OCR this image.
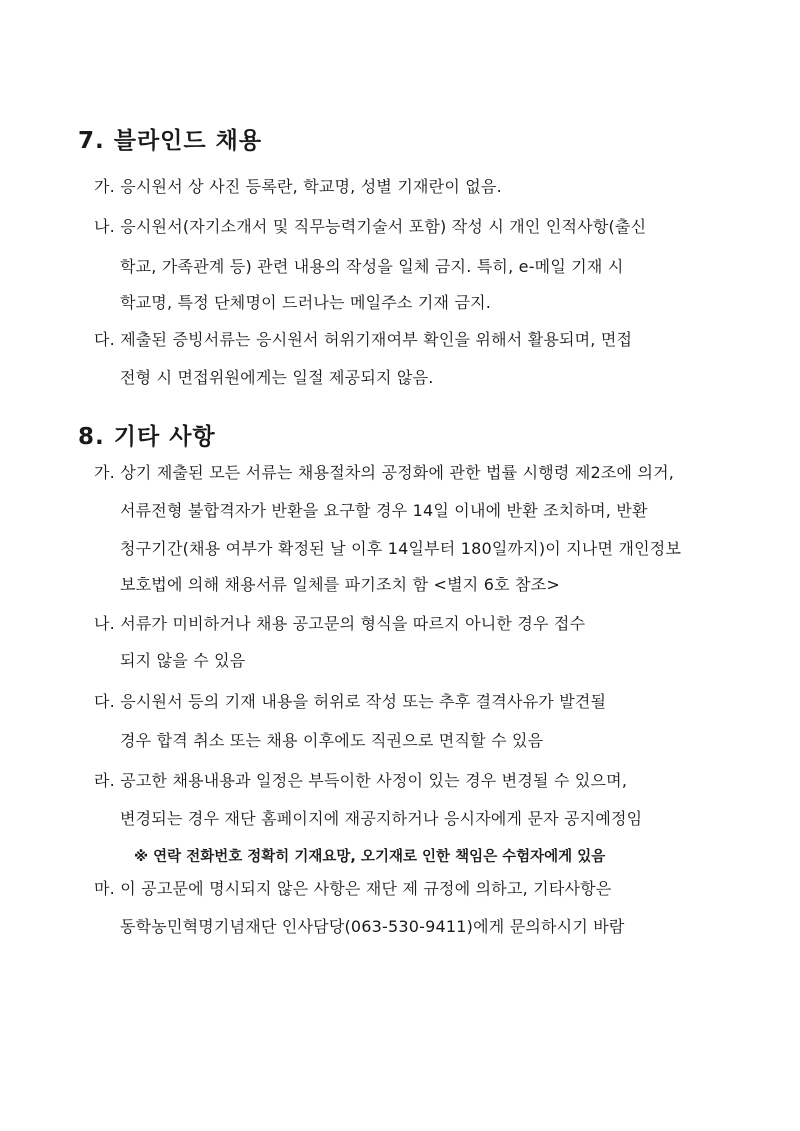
7. 블라인드 채용
가. 응시원서 상 사진 등록란, 학교명, 성별 기재란이 없음.
나. 응시원서(자기소개서 및 직무능력기술서 포함) 작성 시 개인 인적사항(출신
학교, 가족관계 등) 관련 내용의 작성을 일체 금지. 특히, e-메일 기재 시
학교명, 특정 단체명이 드러나는 메일주소 기재 금지.
다. 제출된 증빙서류는 응시원서 허위기재여부 확인을 위해서 활용되며, 면접
전형 시 면접위원에게는 일절 제공되지 않음.
8. 기타 사항
가. 상기 제출된 모든 서류는 채용절차의 공정화에 관한 법률 시행령 제2조에 의거,
서류전형 불합격자가 반환을 요구할 경우 14일 이내에 반환 조치하며, 반환
청구기간(채용 여부가 확정된 날 이후 14일부터 180일까지)이 지나면 개인정보
보호법에 의해 채용서류 일체를 파기조치 함 <별지 6호 참조>
나. 서류가 미비하거나 채용 공고문의 형식을 따르지 아니한 경우 접수
되지 않을 수 있음
다. 응시원서 등의 기재 내용을 허위로 작성 또는 추후 결격사유가 발견될
경우 합격 취소 또는 채용 이후에도 직권으로 면직할 수 있음
라. 공고한 채용내용과 일정은 부득이한 사정이 있는 경우 변경될 수 있으며,
변경되는 경우 재단 홈페이지에 재공지하거나 응시자에게 문자 공지예정임
※ 연락 전화번호 정확히 기재요망, 오기재로 인한 책임은 수험자에게 있음
마. 이 공고문에 명시되지 않은 사항은 재단 제 규정에 의하고, 기타사항은
동학농민혁명기념재단 인사담당(063-530-9411)에게 문의하시기 바람
